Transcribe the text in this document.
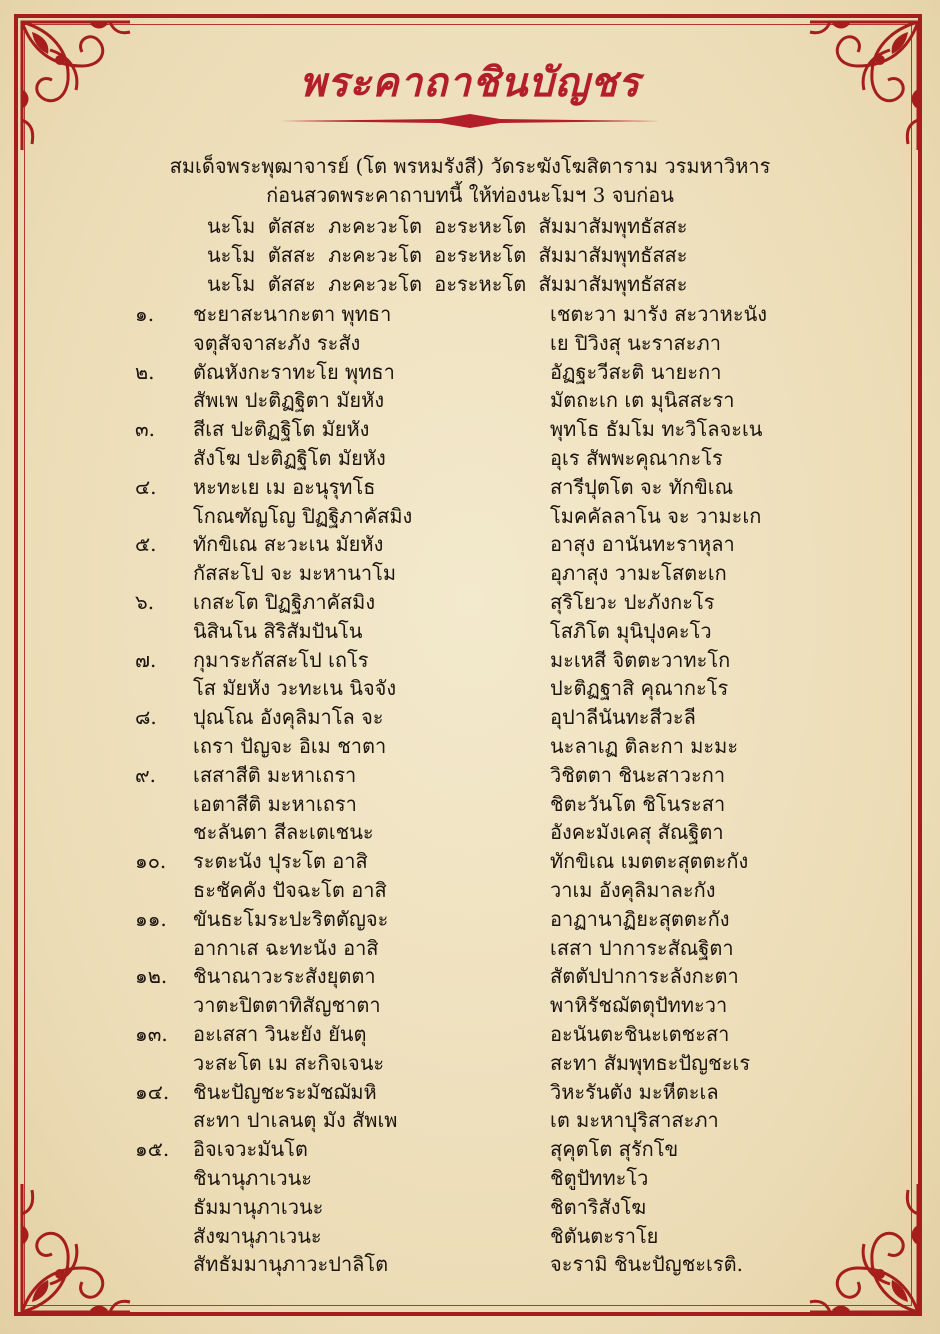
พระคาถาชินบัญชร
สมเด็จพระพุฒาจารย์ (โต พรหมรังสี) วัดระฆังโฆสิตาราม วรมหาวิหาร
ก่อนสวดพระคาถาบทนี้ ให้ท่องนะโมฯ 3 จบก่อน
นะโม ตัสสะ ภะคะวะโต อะระหะโต สัมมาสัมพุทธัสสะ
นะโม ตัสสะ ภะคะวะโต อะระหะโต สัมมาสัมพุทธัสสะ
นะโม ตัสสะ ภะคะวะโต อะระหะโต สัมมาสัมพุทธัสสะ
๑.	ชะยาสะนากะตา พุทธา	เชตะวา มารัง สะวาหะนัง
จตุสัจจาสะภัง ระสัง	เย ปิวิงสุ นะราสะภา
๒.	ตัณหังกะราทะโย พุทธา	อัฏฐะวีสะติ นายะกา
สัพเพ ปะติฏฐิตา มัยหัง	มัตถะเก เต มุนิสสะรา
๓.	สีเส ปะติฏฐิโต มัยหัง	พุทโธ ธัมโม ทะวิโลจะเน
สังโฆ ปะติฏฐิโต มัยหัง	อุเร สัพพะคุณากะโร
๔.	หะทะเย เม อะนุรุทโธ	สารีปุตโต จะ ทักขิเณ
โกณฑัญโญ ปิฏฐิภาคัสมิง	โมคคัลลาโน จะ วามะเก
๕.	ทักขิเณ สะวะเน มัยหัง	อาสุง อานันทะราหุลา
กัสสะโป จะ มะหานาโม	อุภาสุง วามะโสตะเก
๖.	เกสะโต ปิฏฐิภาคัสมิง	สุริโยวะ ปะภังกะโร
นิสินโน สิริสัมปันโน	โสภิโต มุนิปุงคะโว
๗.	กุมาระกัสสะโป เถโร	มะเหสี จิตตะวาทะโก
โส มัยหัง วะทะเน นิจจัง	ปะติฏฐาสิ คุณากะโร
๘.	ปุณโณ อังคุลิมาโล จะ	อุปาลีนันทะสีวะลี
เถรา ปัญจะ อิเม ชาตา	นะลาเฏ ติละกา มะมะ
๙.	เสสาสีติ มะหาเถรา	วิชิตตา ชินะสาวะกา
เอตาสีติ มะหาเถรา	ชิตะวันโต ชิโนระสา
ชะลันตา สีละเตเชนะ	อังคะมังเคสุ สัณฐิตา
๑๐.	ระตะนัง ปุระโต อาสิ	ทักขิเณ เมตตะสุตตะกัง
ธะชัคคัง ปัจฉะโต อาสิ	วาเม อังคุลิมาละกัง
๑๑.	ขันธะโมระปะริตตัญจะ	อาฏานาฏิยะสุตตะกัง
อากาเส ฉะทะนัง อาสิ	เสสา ปาการะสัณฐิตา
๑๒.	ชินาณาวะระสังยุตตา	สัตตัปปาการะลังกะตา
วาตะปิตตาทิสัญชาตา	พาหิรัชฌัตตุปัททะวา
๑๓.	อะเสสา วินะยัง ยันตุ	อะนันตะชินะเตชะสา
วะสะโต เม สะกิจเจนะ	สะทา สัมพุทธะปัญชะเร
๑๔.	ชินะปัญชะระมัชฌัมหิ	วิหะรันตัง มะหีตะเล
สะทา ปาเลนตุ มัง สัพเพ	เต มะหาปุริสาสะภา
๑๕.	อิจเจวะมันโต	สุคุตโต สุรักโข
ชินานุภาเวนะ	ชิตูปัททะโว
ธัมมานุภาเวนะ	ชิตาริสังโฆ
สังฆานุภาเวนะ	ชิตันตะราโย
สัทธัมมานุภาวะปาลิโต	จะรามิ ชินะปัญชะเรติ.
